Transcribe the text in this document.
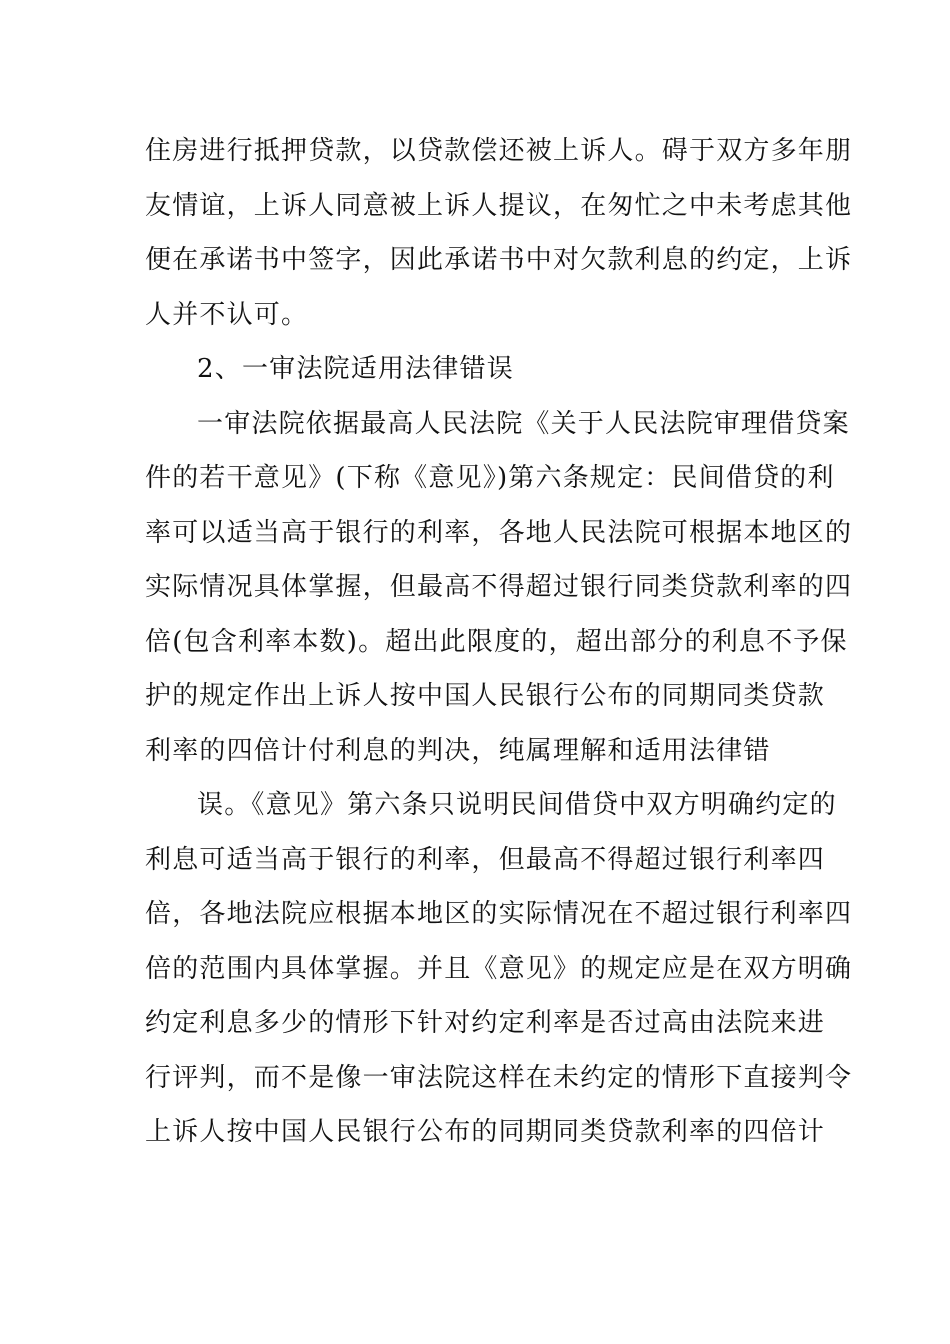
住房进行抵押贷款，以贷款偿还被上诉人。碍于双方多年朋
友情谊，上诉人同意被上诉人提议，在匆忙之中未考虑其他
便在承诺书中签字，因此承诺书中对欠款利息的约定，上诉
人并不认可。
2、一审法院适用法律错误
一审法院依据最高人民法院《关于人民法院审理借贷案
件的若干意见》(下称《意见》)第六条规定：民间借贷的利
率可以适当高于银行的利率，各地人民法院可根据本地区的
实际情况具体掌握，但最高不得超过银行同类贷款利率的四
倍(包含利率本数)。超出此限度的，超出部分的利息不予保
护的规定作出上诉人按中国人民银行公布的同期同类贷款
利率的四倍计付利息的判决，纯属理解和适用法律错
误。《意见》第六条只说明民间借贷中双方明确约定的
利息可适当高于银行的利率，但最高不得超过银行利率四
倍，各地法院应根据本地区的实际情况在不超过银行利率四
倍的范围内具体掌握。并且《意见》的规定应是在双方明确
约定利息多少的情形下针对约定利率是否过高由法院来进
行评判，而不是像一审法院这样在未约定的情形下直接判令
上诉人按中国人民银行公布的同期同类贷款利率的四倍计
